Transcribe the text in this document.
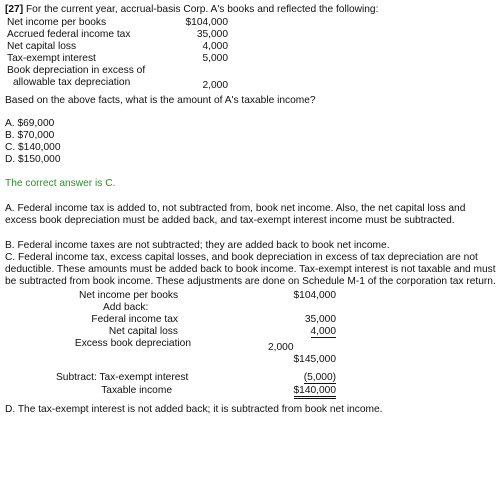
[27] For the current year, accrual-basis Corp. A's books and reflected the following:
Net income per books	$104,000
Accrued federal income tax	35,000
Net capital loss	4,000
Tax-exempt interest	5,000
Book depreciation in excess of
allowable tax depreciation	2,000
Based on the above facts, what is the amount of A's taxable income?
A. $69,000
B. $70,000
C. $140,000
D. $150,000
The correct answer is C.
A. Federal income tax is added to, not subtracted from, book net income. Also, the net capital loss and excess book depreciation must be added back, and tax-exempt interest income must be subtracted.
B. Federal income taxes are not subtracted; they are added back to book net income.
C. Federal income tax, excess capital losses, and book depreciation in excess of tax depreciation are not deductible. These amounts must be added back to book income. Tax-exempt interest is not taxable and must be subtracted from book income. These adjustments are done on Schedule M-1 of the corporation tax return.
Net income per books	$104,000
Add back:
Federal income tax	35,000
Net capital loss	4,000
Excess book depreciation	2,000
$145,000
Subtract: Tax-exempt interest	(5,000)
Taxable income	$140,000
D. The tax-exempt interest is not added back; it is subtracted from book net income.
